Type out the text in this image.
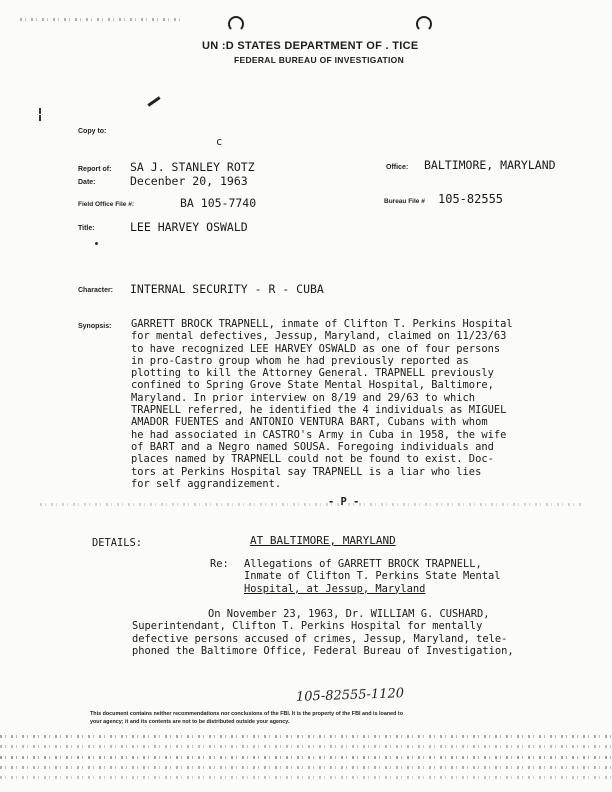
UN :D STATES DEPARTMENT OF . TICE
FEDERAL BUREAU OF INVESTIGATION
Copy to:
c
Report of: SA J. STANLEY ROTZ
Date:	Decenber 20, 1963
Office: BALTIMORE, MARYLAND
Field Office File #:	BA 105-7740	Bureau File # 105-82555
Title:	LEE HARVEY OSWALD
Character: INTERNAL SECURITY - R - CUBA
Synopsis: GARRETT BROCK TRAPNELL, inmate of Clifton T. Perkins Hospital
for mental defectives, Jessup, Maryland, claimed on 11/23/63
to have recognized LEE HARVEY OSWALD as one of four persons
in pro-Castro group whom he had previously reported as
plotting to kill the Attorney General. TRAPNELL previously
confined to Spring Grove State Mental Hospital, Baltimore,
Maryland. In prior interview on 8/19 and 29/63 to which
TRAPNELL referred, he identified the 4 individuals as MIGUEL
AMADOR FUENTES and ANTONIO VENTURA BART, Cubans with whom
he had associated in CASTRO's Army in Cuba in 1958, the wife
of BART and a Negro named SOUSA. Foregoing individuals and
places named by TRAPNELL could not be found to exist. Doc-
tors at Perkins Hospital say TRAPNELL is a liar who lies
for self aggrandizement.
- P -
DETAILS:	AT BALTIMORE, MARYLAND
Re: Allegations of GARRETT BROCK TRAPNELL,
Inmate of Clifton T. Perkins State Mental
Hospital, at Jessup, Maryland
On November 23, 1963, Dr. WILLIAM G. CUSHARD,
Superintendant, Clifton T. Perkins Hospital for mentally
defective persons accused of crimes, Jessup, Maryland, tele-
phoned the Baltimore Office, Federal Bureau of Investigation,
105-82555-1120
This document contains neither recommendations nor conclusions of the FBI. It is the property of the FBI and is loaned to
your agency; it and its contents are not to be distributed outside your agency.
